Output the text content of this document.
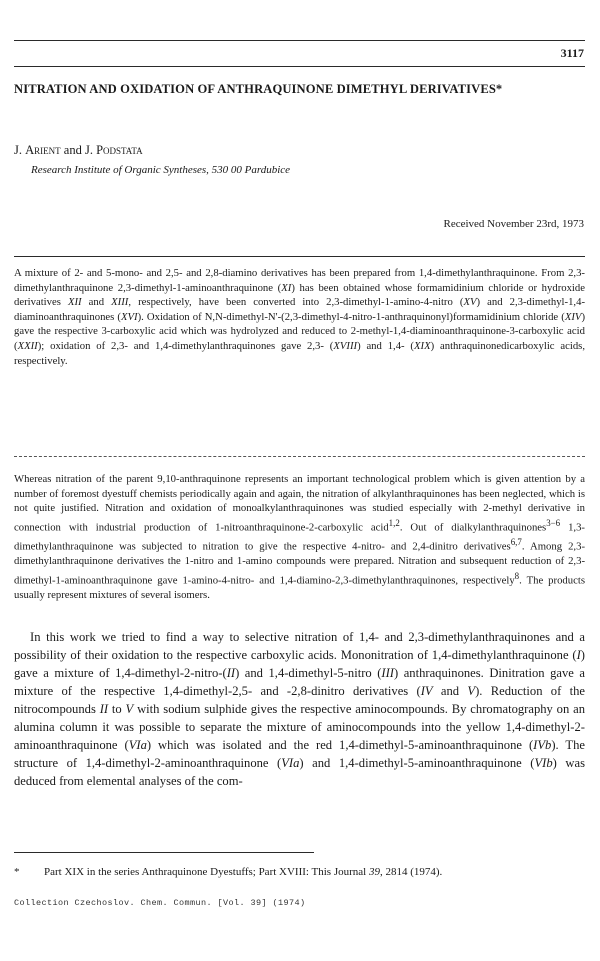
3117
NITRATION AND OXIDATION OF ANTHRAQUINONE DIMETHYL DERIVATIVES*
J. Arient and J. Podstata
Research Institute of Organic Syntheses, 530 00 Pardubice
Received November 23rd, 1973

A mixture of 2- and 5-mono- and 2,5- and 2,8-diamino derivatives has been prepared from 1,4-dimethylanthraquinone. From 2,3-dimethylanthraquinone 2,3-dimethyl-1-aminoanthraquinone (XI) has been obtained whose formamidinium chloride or hydroxide derivatives XII and XIII, respectively, have been converted into 2,3-dimethyl-1-amino-4-nitro (XV) and 2,3-dimethyl-1,4-diaminoanthraquinones (XVI). Oxidation of N,N-dimethyl-N'-(2,3-dimethyl-4-nitro-1-anthraquinonyl)formamidinium chloride (XIV) gave the respective 3-carboxylic acid which was hydrolyzed and reduced to 2-methyl-1,4-diaminoanthraquinone-3-carboxylic acid (XXII); oxidation of 2,3- and 1,4-dimethylanthraquinones gave 2,3- (XVIII) and 1,4- (XIX) anthraquinonedicarboxylic acids, respectively.

Whereas nitration of the parent 9,10-anthraquinone represents an important technological problem which is given attention by a number of foremost dyestuff chemists periodically again and again, the nitration of alkylanthraquinones has been neglected, which is not quite justified. Nitration and oxidation of monoalkylanthraquinones was studied especially with 2-methyl derivative in connection with industrial production of 1-nitroanthraquinone-2-carboxylic acid$^{1,2}$. Out of dialkylanthraquinones$^{3-6}$ 1,3-dimethylanthraquinone was subjected to nitration to give the respective 4-nitro- and 2,4-dinitro derivatives$^{6,7}$. Among 2,3-dimethylanthraquinone derivatives the 1-nitro and 1-amino compounds were prepared. Nitration and subsequent reduction of 2,3-dimethyl-1-aminoanthraquinone gave 1-amino-4-nitro- and 1,4-diamino-2,3-dimethylanthraquinones, respectively$^8$. The products usually represent mixtures of several isomers.

In this work we tried to find a way to selective nitration of 1,4- and 2,3-dimethylanthraquinones and a possibility of their oxidation to the respective carboxylic acids. Mononitration of 1,4-dimethylanthraquinone (I) gave a mixture of 1,4-dimethyl-2-nitro-(II) and 1,4-dimethyl-5-nitro (III) anthraquinones. Dinitration gave a mixture of the respective 1,4-dimethyl-2,5- and -2,8-dinitro derivatives (IV and V). Reduction of the nitrocompounds II to V with sodium sulphide gives the respective aminocompounds. By chromatography on an alumina column it was possible to separate the mixture of aminocompounds into the yellow 1,4-dimethyl-2-aminoanthraquinone (VIa) which was isolated and the red 1,4-dimethyl-5-aminoanthraquinone (IVb). The structure of 1,4-dimethyl-2-aminoanthraquinone (VIa) and 1,4-dimethyl-5-aminoanthraquinone (VIb) was deduced from elemental analyses of the com-

* Part XIX in the series Anthraquinone Dyestuffs; Part XVIII: This Journal 39, 2814 (1974).
Collection Czechoslov. Chem. Commun. [Vol. 39] (1974)
